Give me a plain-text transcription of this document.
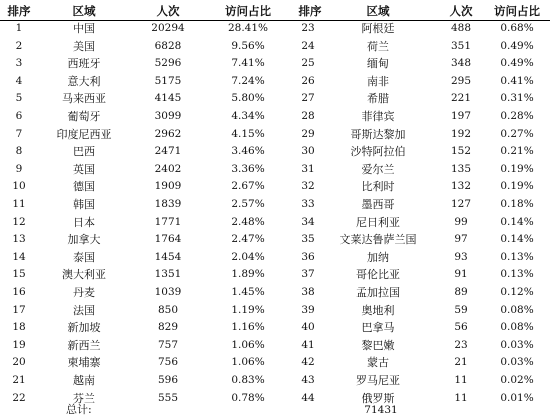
排序	区域	人次	访问占比	排序	区域	人次	访问占比
1	中国	20294	28.41%	23	阿根廷	488	0.68%
2	美国	6828	9.56%	24	荷兰	351	0.49%
3	西班牙	5296	7.41%	25	缅甸	348	0.49%
4	意大利	5175	7.24%	26	南非	295	0.41%
5	马来西亚	4145	5.80%	27	希腊	221	0.31%
6	葡萄牙	3099	4.34%	28	菲律宾	197	0.28%
7	印度尼西亚	2962	4.15%	29	哥斯达黎加	192	0.27%
8	巴西	2471	3.46%	30	沙特阿拉伯	152	0.21%
9	英国	2402	3.36%	31	爱尔兰	135	0.19%
10	德国	1909	2.67%	32	比利时	132	0.19%
11	韩国	1839	2.57%	33	墨西哥	127	0.18%
12	日本	1771	2.48%	34	尼日利亚	99	0.14%
13	加拿大	1764	2.47%	35	文莱达鲁萨兰国	97	0.14%
14	泰国	1454	2.04%	36	加纳	93	0.13%
15	澳大利亚	1351	1.89%	37	哥伦比亚	91	0.13%
16	丹麦	1039	1.45%	38	孟加拉国	89	0.12%
17	法国	850	1.19%	39	奥地利	59	0.08%
18	新加坡	829	1.16%	40	巴拿马	56	0.08%
19	新西兰	757	1.06%	41	黎巴嫩	23	0.03%
20	柬埔寨	756	1.06%	42	蒙古	21	0.03%
21	越南	596	0.83%	43	罗马尼亚	11	0.02%
22	芬兰	555	0.78%	44	俄罗斯	11	0.01%
总计:	71431
